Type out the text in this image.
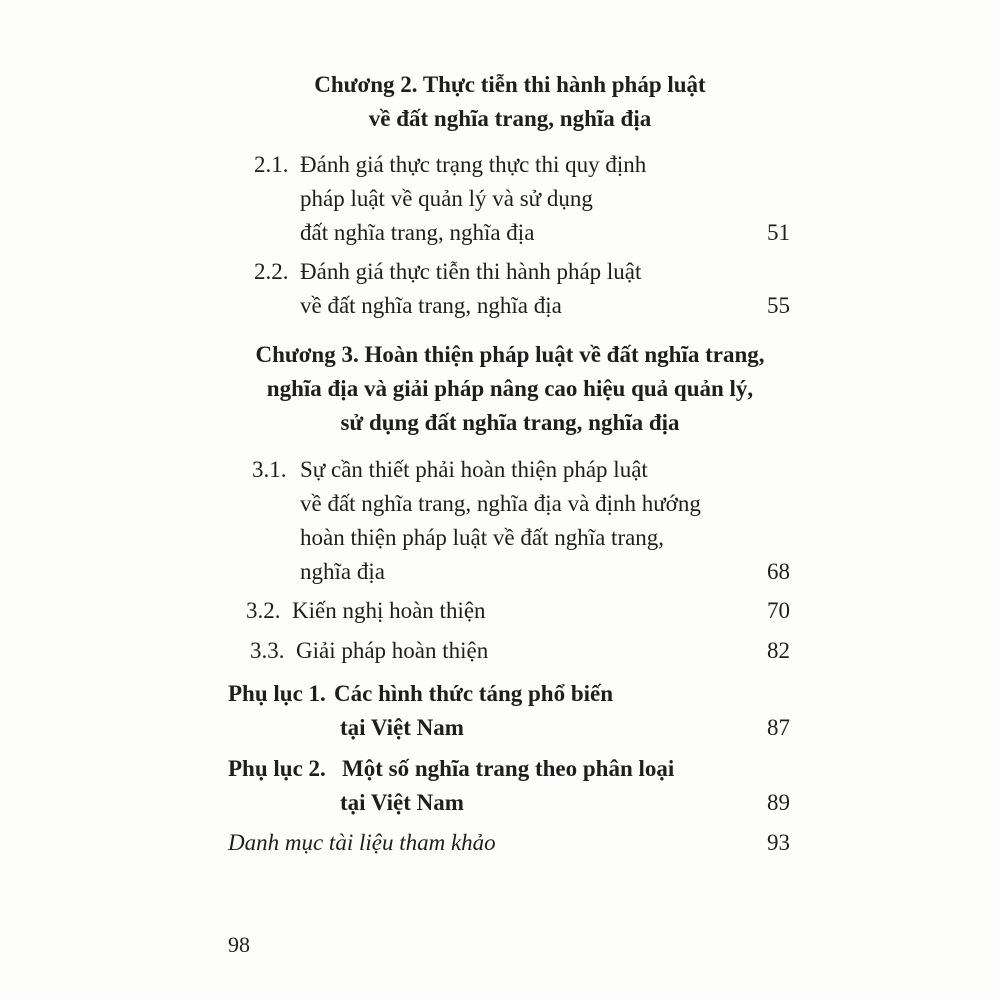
Chương 2. Thực tiễn thi hành pháp luật
về đất nghĩa trang, nghĩa địa
2.1. Đánh giá thực trạng thực thi quy định
pháp luật về quản lý và sử dụng
đất nghĩa trang, nghĩa địa	51
2.2. Đánh giá thực tiễn thi hành pháp luật
về đất nghĩa trang, nghĩa địa	55
Chương 3. Hoàn thiện pháp luật về đất nghĩa trang,
nghĩa địa và giải pháp nâng cao hiệu quả quản lý,
sử dụng đất nghĩa trang, nghĩa địa
3.1. Sự cần thiết phải hoàn thiện pháp luật
về đất nghĩa trang, nghĩa địa và định hướng
hoàn thiện pháp luật về đất nghĩa trang,
nghĩa địa	68
3.2. Kiến nghị hoàn thiện	70
3.3. Giải pháp hoàn thiện	82
Phụ lục 1. Các hình thức táng phổ biến
tại Việt Nam	87
Phụ lục 2. Một số nghĩa trang theo phân loại
tại Việt Nam	89
Danh mục tài liệu tham khảo	93
98
